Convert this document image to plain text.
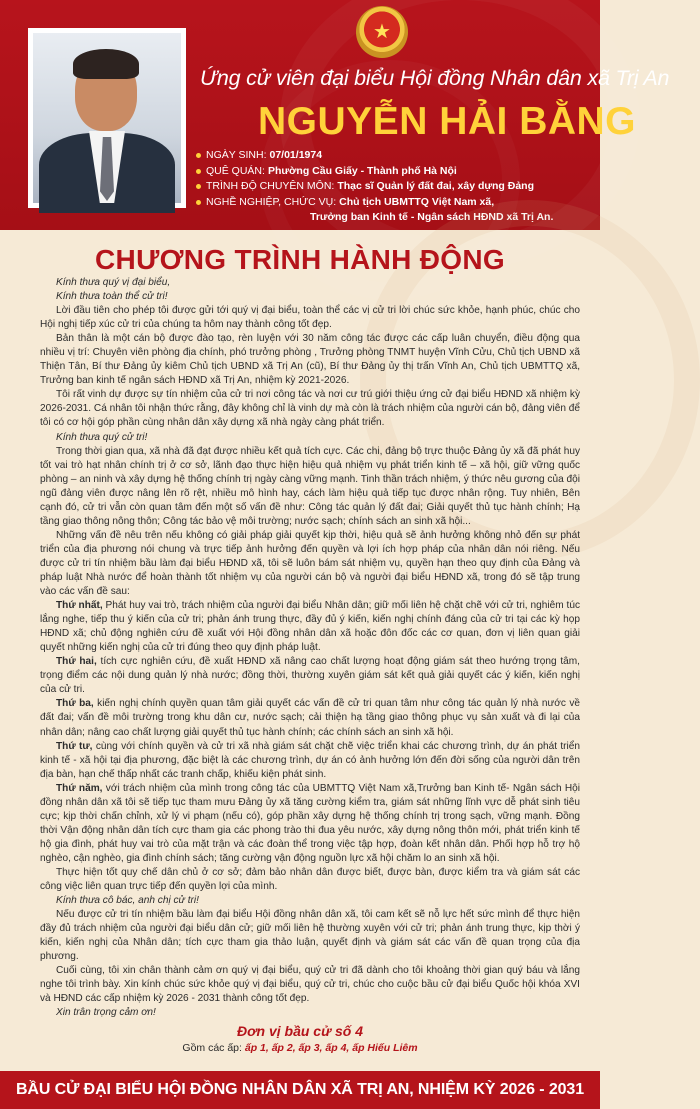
★
Ứng cử viên đại biểu Hội đồng Nhân dân xã Trị An
NGUYỄN HẢI BẰNG
NGÀY SINH: 07/01/1974
QUÊ QUÁN: Phường Cầu Giấy - Thành phố Hà Nội
TRÌNH ĐỘ CHUYÊN MÔN: Thạc sĩ Quản lý đất đai, xây dựng Đảng
NGHỀ NGHIỆP, CHỨC VỤ: Chủ tịch UBMTTQ Việt Nam xã,
Trưởng ban Kinh tế - Ngân sách HĐND xã Trị An.
CHƯƠNG TRÌNH HÀNH ĐỘNG

Kính thưa quý vị đại biểu,

Kính thưa toàn thể cử tri!

Lời đầu tiên cho phép tôi được gửi tới quý vị đại biểu, toàn thể các vị cử tri lời chúc sức khỏe, hạnh phúc, chúc cho Hội nghị tiếp xúc cử tri của chúng ta hôm nay thành công tốt đẹp.

Bản thân là một cán bộ được đào tạo, rèn luyện với 30 năm công tác được các cấp luân chuyển, điều động qua nhiều vị trí: Chuyên viên phòng địa chính, phó trưởng phòng , Trưởng phòng TNMT huyện Vĩnh Cửu, Chủ tịch UBND xã Thiện Tân, Bí thư Đảng ủy kiêm Chủ tịch UBND xã Trị An (cũ), Bí thư Đảng ủy thị trấn Vĩnh An, Chủ tịch UBMTTQ xã, Trưởng ban kinh tế ngân sách HĐND xã Trị An, nhiệm kỳ 2021-2026.

Tôi rất vinh dự được sự tín nhiệm của cử tri nơi công tác và nơi cư trú giới thiệu ứng cử đại biểu HĐND xã nhiệm kỳ 2026-2031. Cá nhân tôi nhận thức rằng, đây không chỉ là vinh dự mà còn là trách nhiệm của người cán bộ, đảng viên để tôi có cơ hội góp phần cùng nhân dân xây dựng xã nhà ngày càng phát triển.

Kính thưa quý cử tri!

Trong thời gian qua, xã nhà đã đạt được nhiều kết quả tích cực. Các chi, đảng bộ trực thuộc Đảng ủy xã đã phát huy tốt vai trò hạt nhân chính trị ở cơ sở, lãnh đạo thực hiện hiệu quả nhiệm vụ phát triển kinh tế – xã hội, giữ vững quốc phòng – an ninh và xây dựng hệ thống chính trị ngày càng vững mạnh. Tinh thần trách nhiệm, ý thức nêu gương của đội ngũ đảng viên được nâng lên rõ rệt, nhiều mô hình hay, cách làm hiệu quả tiếp tục được nhân rộng. Tuy nhiên, Bên cạnh đó, cử tri vẫn còn quan tâm đến một số vấn đề như: Công tác quản lý đất đai; Giải quyết thủ tục hành chính; Hạ tầng giao thông nông thôn; Công tác bảo vệ môi trường; nước sạch; chính sách an sinh xã hội...

Những vấn đề nêu trên nếu không có giải pháp giải quyết kịp thời, hiệu quả sẽ ảnh hưởng không nhỏ đến sự phát triển của địa phương nói chung và trực tiếp ảnh hưởng đến quyền và lợi ích hợp pháp của nhân dân nói riêng. Nếu được cử tri tín nhiệm bầu làm đại biểu HĐND xã, tôi sẽ luôn bám sát nhiệm vụ, quyền hạn theo quy định của Đảng và pháp luật Nhà nước để hoàn thành tốt nhiệm vụ của người cán bộ và người đại biểu HĐND xã, trong đó sẽ tập trung vào các vấn đề sau:

Thứ nhất, Phát huy vai trò, trách nhiệm của người đại biểu Nhân dân; giữ mối liên hệ chặt chẽ với cử tri, nghiêm túc lắng nghe, tiếp thu ý kiến của cử tri; phản ánh trung thực, đầy đủ ý kiến, kiến nghị chính đáng của cử tri tại các kỳ họp HĐND xã; chủ động nghiên cứu đề xuất với Hội đồng nhân dân xã hoặc đôn đốc các cơ quan, đơn vị liên quan giải quyết những kiến nghị của cử tri đúng theo quy định pháp luật.

Thứ hai, tích cực nghiên cứu, đề xuất HĐND xã nâng cao chất lượng hoạt động giám sát theo hướng trọng tâm, trọng điểm các nội dung quản lý nhà nước; đồng thời, thường xuyên giám sát kết quả giải quyết các ý kiến, kiến nghị của cử tri.

Thứ ba, kiến nghị chính quyền quan tâm giải quyết các vấn đề cử tri quan tâm như công tác quản lý nhà nước về đất đai; vấn đề môi trường trong khu dân cư, nước sạch; cải thiện hạ tầng giao thông phục vụ sản xuất và đi lại của nhân dân; nâng cao chất lượng giải quyết thủ tục hành chính; các chính sách an sinh xã hội.

Thứ tư, cùng với chính quyền và cử tri xã nhà giám sát chặt chẽ việc triển khai các chương trình, dự án phát triển kinh tế - xã hội tại địa phương, đặc biệt là các chương trình, dự án có ảnh hưởng lớn đến đời sống của người dân trên địa bàn, hạn chế thấp nhất các tranh chấp, khiếu kiện phát sinh.

Thứ năm, với trách nhiệm của mình trong công tác của UBMTTQ Việt Nam xã,Trưởng ban Kinh tế- Ngân sách Hội đồng nhân dân xã tôi sẽ tiếp tục tham mưu Đảng ủy xã tăng cường kiểm tra, giám sát những lĩnh vực dễ phát sinh tiêu cực; kịp thời chấn chỉnh, xử lý vi phạm (nếu có), góp phần xây dựng hệ thống chính trị trong sạch, vững mạnh. Đồng thời Vận động nhân dân tích cực tham gia các phong trào thi đua yêu nước, xây dựng nông thôn mới, phát triển kinh tế hộ gia đình, phát huy vai trò của mặt trận và các đoàn thể trong việc tập hợp, đoàn kết nhân dân. Phối hợp hỗ trợ hộ nghèo, cận nghèo, gia đình chính sách; tăng cường vận động nguồn lực xã hội chăm lo an sinh xã hội.

Thực hiện tốt quy chế dân chủ ở cơ sở; đảm bảo nhân dân được biết, được bàn, được kiểm tra và giám sát các công việc liên quan trực tiếp đến quyền lợi của mình.

Kính thưa cô bác, anh chị cử tri!

Nếu được cử tri tín nhiệm bầu làm đại biểu Hội đồng nhân dân xã, tôi cam kết sẽ nỗ lực hết sức mình để thực hiện đầy đủ trách nhiệm của người đại biểu dân cử; giữ mối liên hệ thường xuyên với cử tri; phản ánh trung thực, kịp thời ý kiến, kiến nghị của Nhân dân; tích cực tham gia thảo luận, quyết định và giám sát các vấn đề quan trọng của địa phương.

Cuối cùng, tôi xin chân thành cảm ơn quý vị đại biểu, quý cử tri đã dành cho tôi khoảng thời gian quý báu và lắng nghe tôi trình bày. Xin kính chúc sức khỏe quý vị đại biểu, quý cử tri, chúc cho cuộc bầu cử đại biểu Quốc hội khóa XVI và HĐND các cấp nhiệm kỳ 2026 - 2031 thành công tốt đẹp.

Xin trân trọng cảm ơn!

Đơn vị bầu cử số 4
Gồm các ấp: ấp 1, ấp 2, ấp 3, ấp 4, ấp Hiếu Liêm
BẦU CỬ ĐẠI BIỂU HỘI ĐỒNG NHÂN DÂN XÃ TRỊ AN, NHIỆM KỲ 2026 - 2031
